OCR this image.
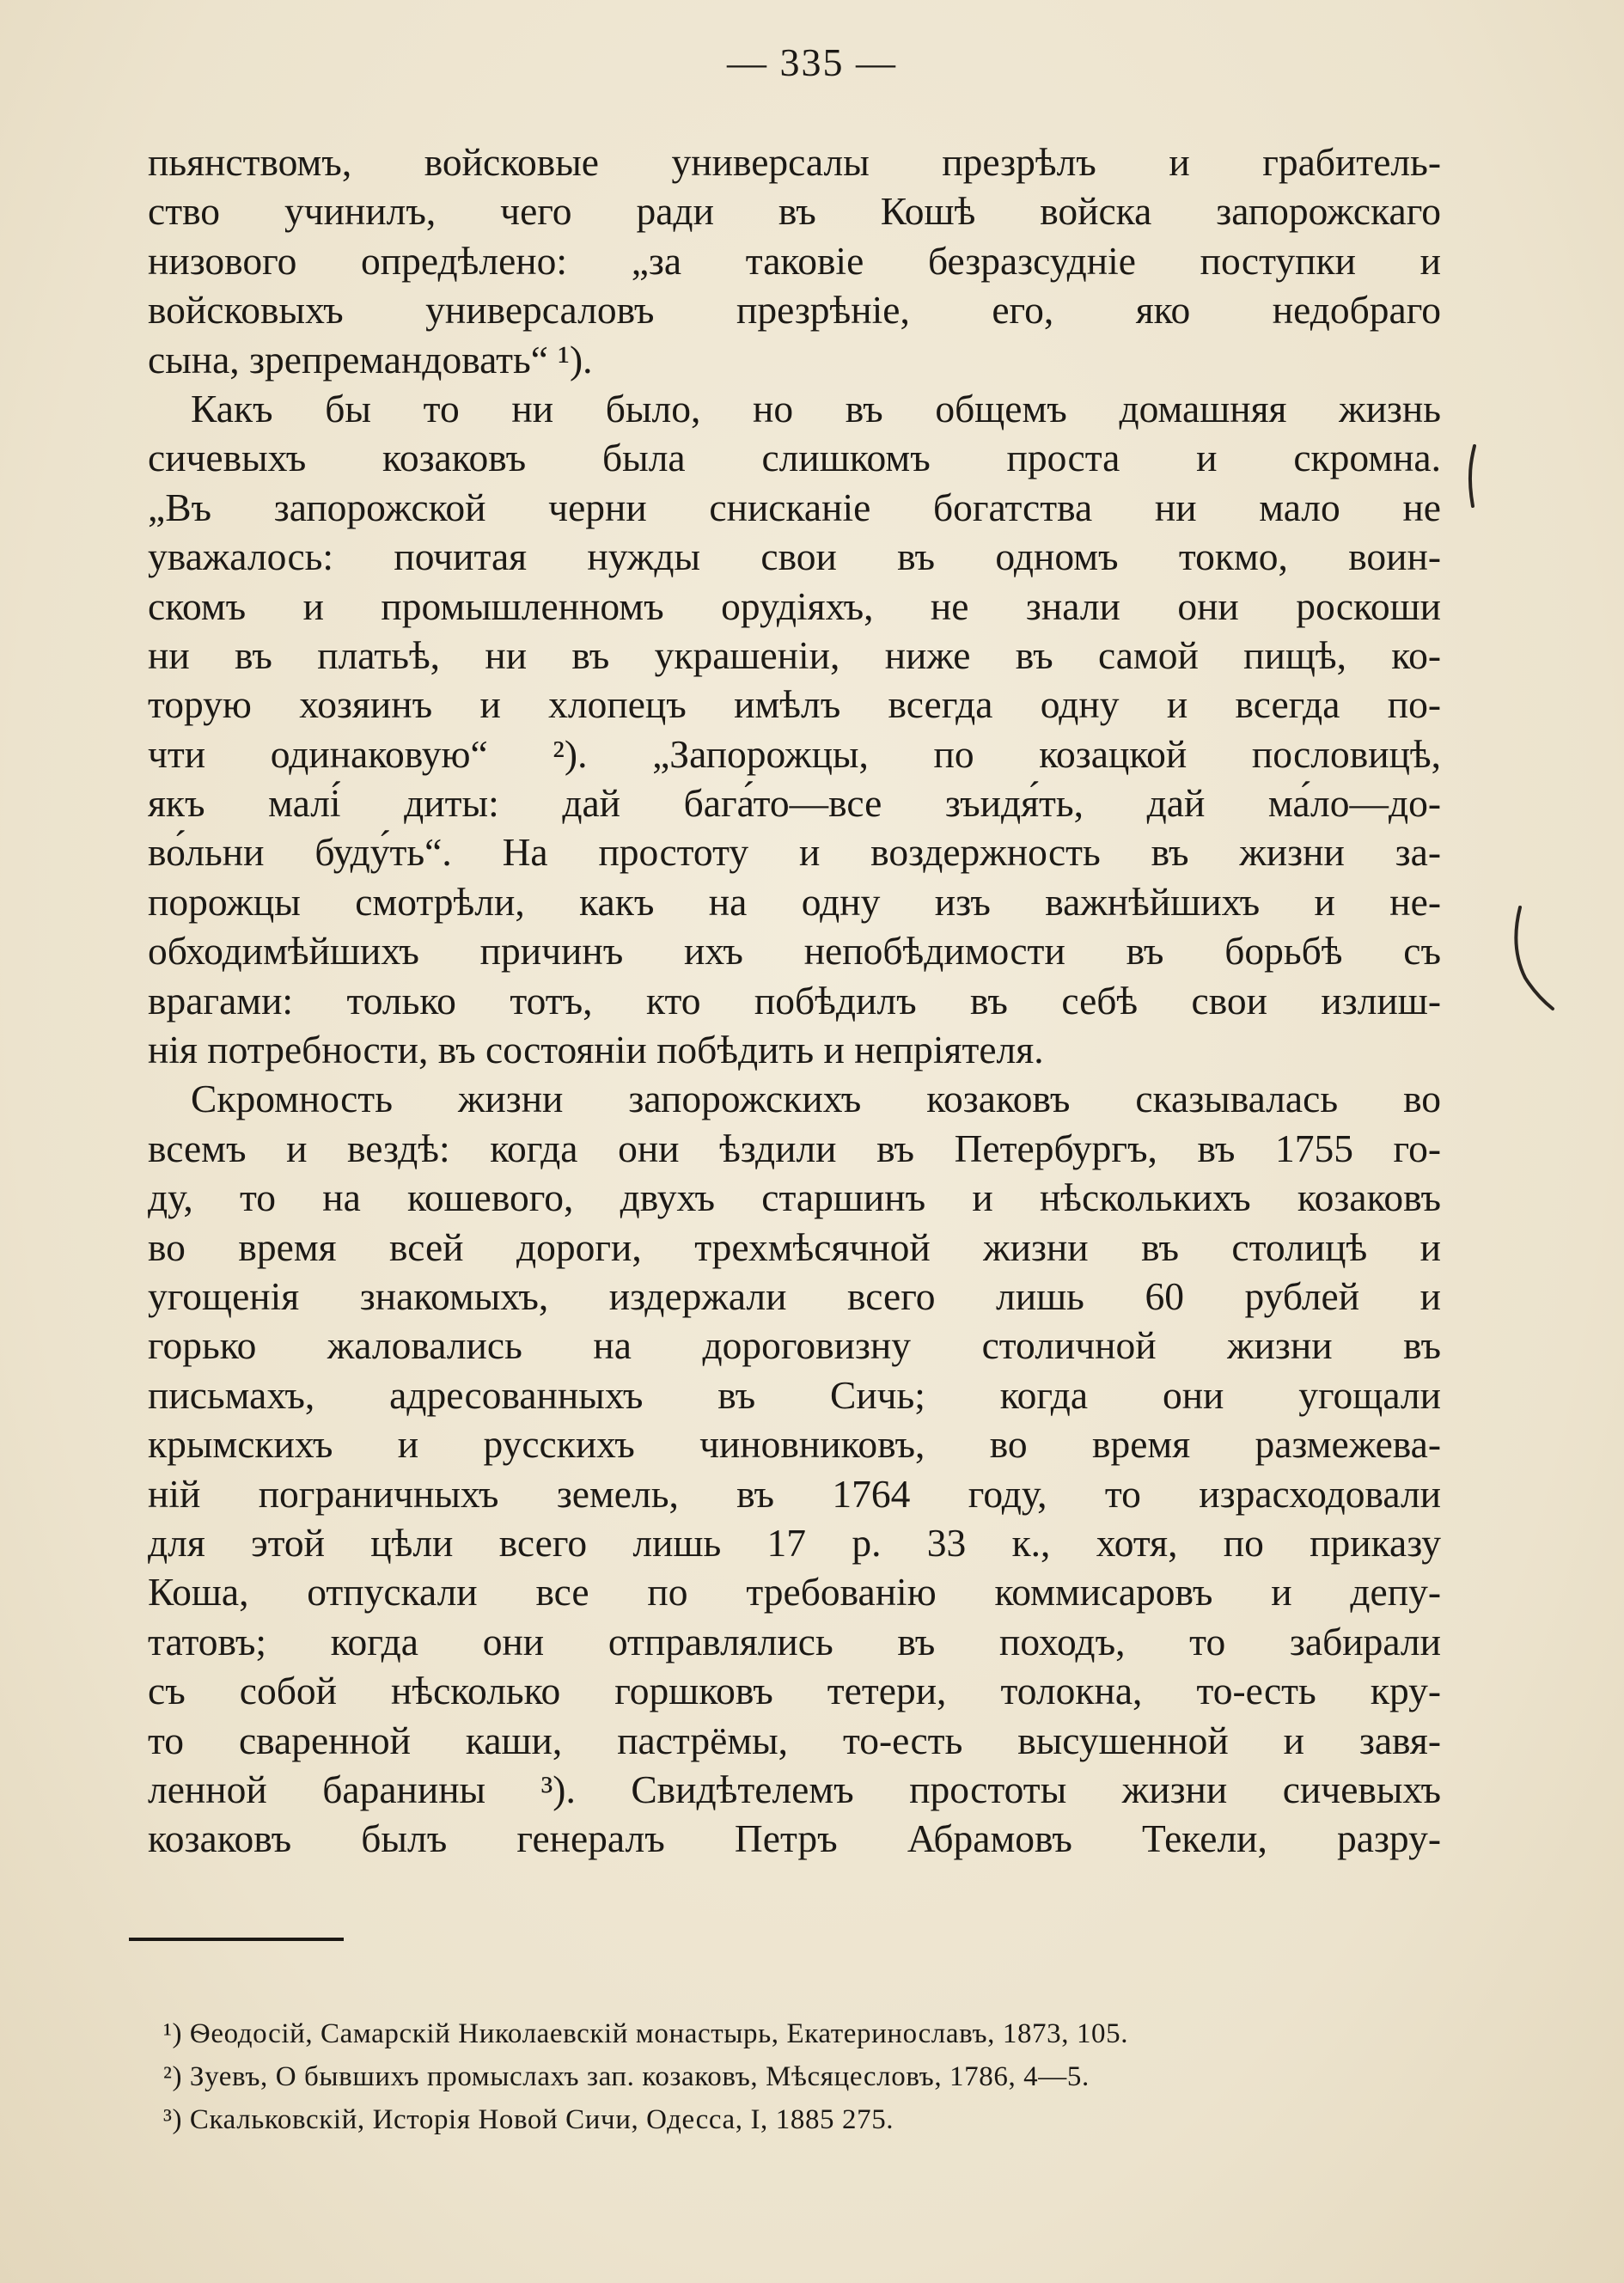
— 335 —
пьянствомъ, войсковые универсалы презрѣлъ и грабитель-
ство учинилъ, чего ради въ Кошѣ войска запорожскаго
низового опредѣлено: „за таковіе безразсудніе поступки и
войсковыхъ универсаловъ презрѣніе, его, яко недобраго
сына, зрепремандовать“ ¹).
Какъ бы то ни было, но въ общемъ домашняя жизнь
сичевыхъ козаковъ была слишкомъ проста и скромна.
„Въ запорожской черни снисканіе богатства ни мало не
уважалось: почитая нужды свои въ одномъ токмо, воин-
скомъ и промышленномъ орудіяхъ, не знали они роскоши
ни въ платьѣ, ни въ украшеніи, ниже въ самой пищѣ, ко-
торую хозяинъ и хлопецъ имѣлъ всегда одну и всегда по-
чти одинаковую“ ²). „Запорожцы, по козацкой пословицѣ,
якъ малі́ диты: дай бага́то—все зъидя́ть, дай ма́ло—до-
во́льни буду́ть“. На простоту и воздержность въ жизни за-
порожцы смотрѣли, какъ на одну изъ важнѣйшихъ и не-
обходимѣйшихъ причинъ ихъ непобѣдимости въ борьбѣ съ
врагами: только тотъ, кто побѣдилъ въ себѣ свои излиш-
нія потребности, въ состояніи побѣдить и непріятеля.
Скромность жизни запорожскихъ козаковъ сказывалась во
всемъ и вездѣ: когда они ѣздили въ Петербургъ, въ 1755 го-
ду, то на кошевого, двухъ старшинъ и нѣсколькихъ козаковъ
во время всей дороги, трехмѣсячной жизни въ столицѣ и
угощенія знакомыхъ, издержали всего лишь 60 рублей и
горько жаловались на дороговизну столичной жизни въ
письмахъ, адресованныхъ въ Сичь; когда они угощали
крымскихъ и русскихъ чиновниковъ, во время размежева-
ній пограничныхъ земель, въ 1764 году, то израсходовали
для этой цѣли всего лишь 17 р. 33 к., хотя, по приказу
Коша, отпускали все по требованію коммисаровъ и депу-
татовъ; когда они отправлялись въ походъ, то забирали
съ собой нѣсколько горшковъ тетери, толокна, то-есть кру-
то сваренной каши, пастрёмы, то-есть высушенной и завя-
ленной баранины ³). Свидѣтелемъ простоты жизни сичевыхъ
козаковъ былъ генералъ Петръ Абрамовъ Текели, разру-
¹) Ѳеодосій, Самарскій Николаевскій монастырь, Екатеринославъ, 1873, 105.
²) Зуевъ, О бывшихъ промыслахъ зап. козаковъ, Мѣсяцесловъ, 1786, 4—5.
³) Скальковскій, Исторія Новой Сичи, Одесса, I, 1885 275.
